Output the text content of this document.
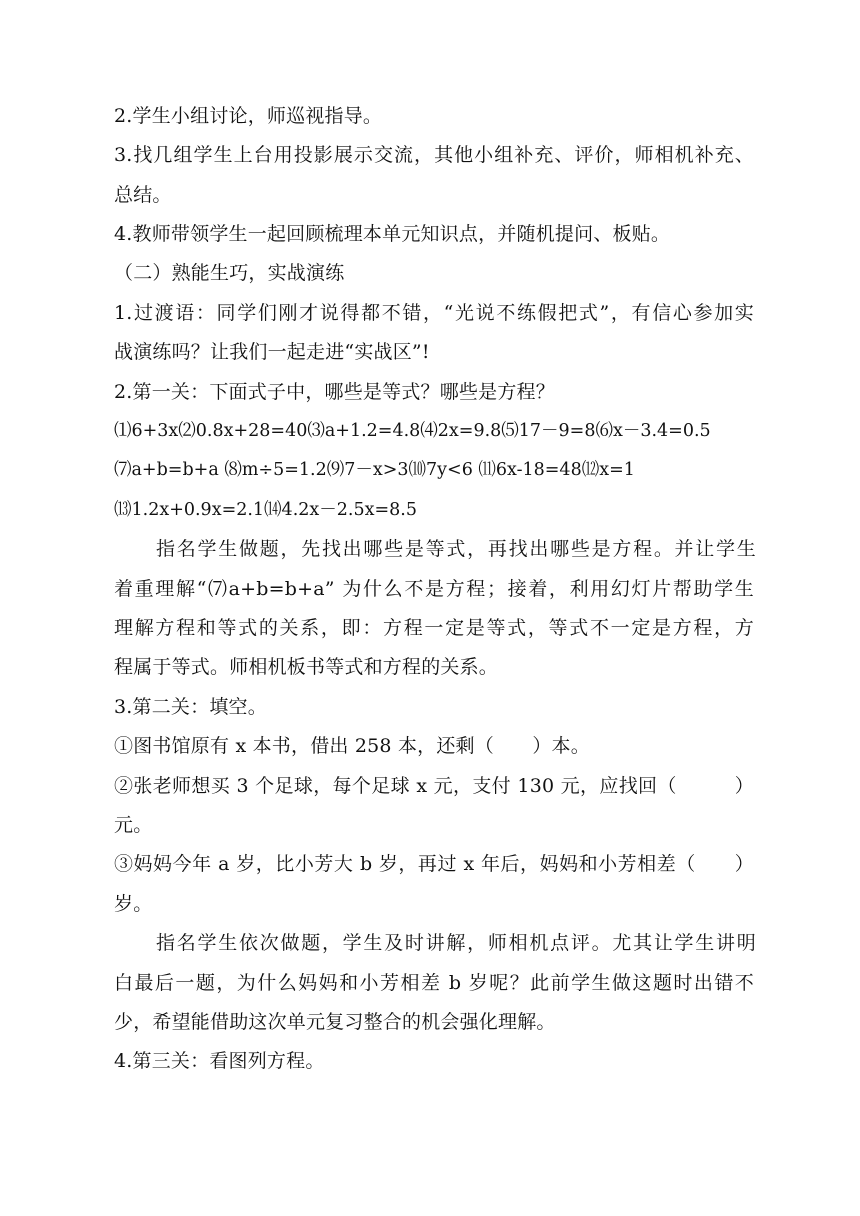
2.学生小组讨论，师巡视指导。
3.找几组学生上台用投影展示交流，其他小组补充、评价，师相机补充、
总结。
4.教师带领学生一起回顾梳理本单元知识点，并随机提问、板贴。
（二）熟能生巧，实战演练
1.过渡语：同学们刚才说得都不错，“光说不练假把式”，有信心参加实
战演练吗？让我们一起走进“实战区”!
2.第一关：下面式子中，哪些是等式？哪些是方程？
⑴6+3x⑵0.8x+28=40⑶a+1.2=4.8⑷2x=9.8⑸17－9=8⑹x－3.4=0.5
⑺a+b=b+a ⑻m÷5=1.2⑼7－x>3⑽7y<6 ⑾6x-18=48⑿x=1
⒀1.2x+0.9x=2.1⒁4.2x－2.5x=8.5
指名学生做题，先找出哪些是等式，再找出哪些是方程。并让学生
着重理解“⑺a+b=b+a” 为什么不是方程；接着，利用幻灯片帮助学生
理解方程和等式的关系，即：方程一定是等式，等式不一定是方程，方
程属于等式。师相机板书等式和方程的关系。
3.第二关：填空。
①图书馆原有 x 本书，借出 258 本，还剩（　　）本。
②张老师想买 3 个足球，每个足球 x 元，支付 130 元，应找回（　　　）
元。
③妈妈今年 a 岁，比小芳大 b 岁，再过 x 年后，妈妈和小芳相差（　　）
岁。
指名学生依次做题，学生及时讲解，师相机点评。尤其让学生讲明
白最后一题，为什么妈妈和小芳相差 b 岁呢？此前学生做这题时出错不
少，希望能借助这次单元复习整合的机会强化理解。
4.第三关：看图列方程。
